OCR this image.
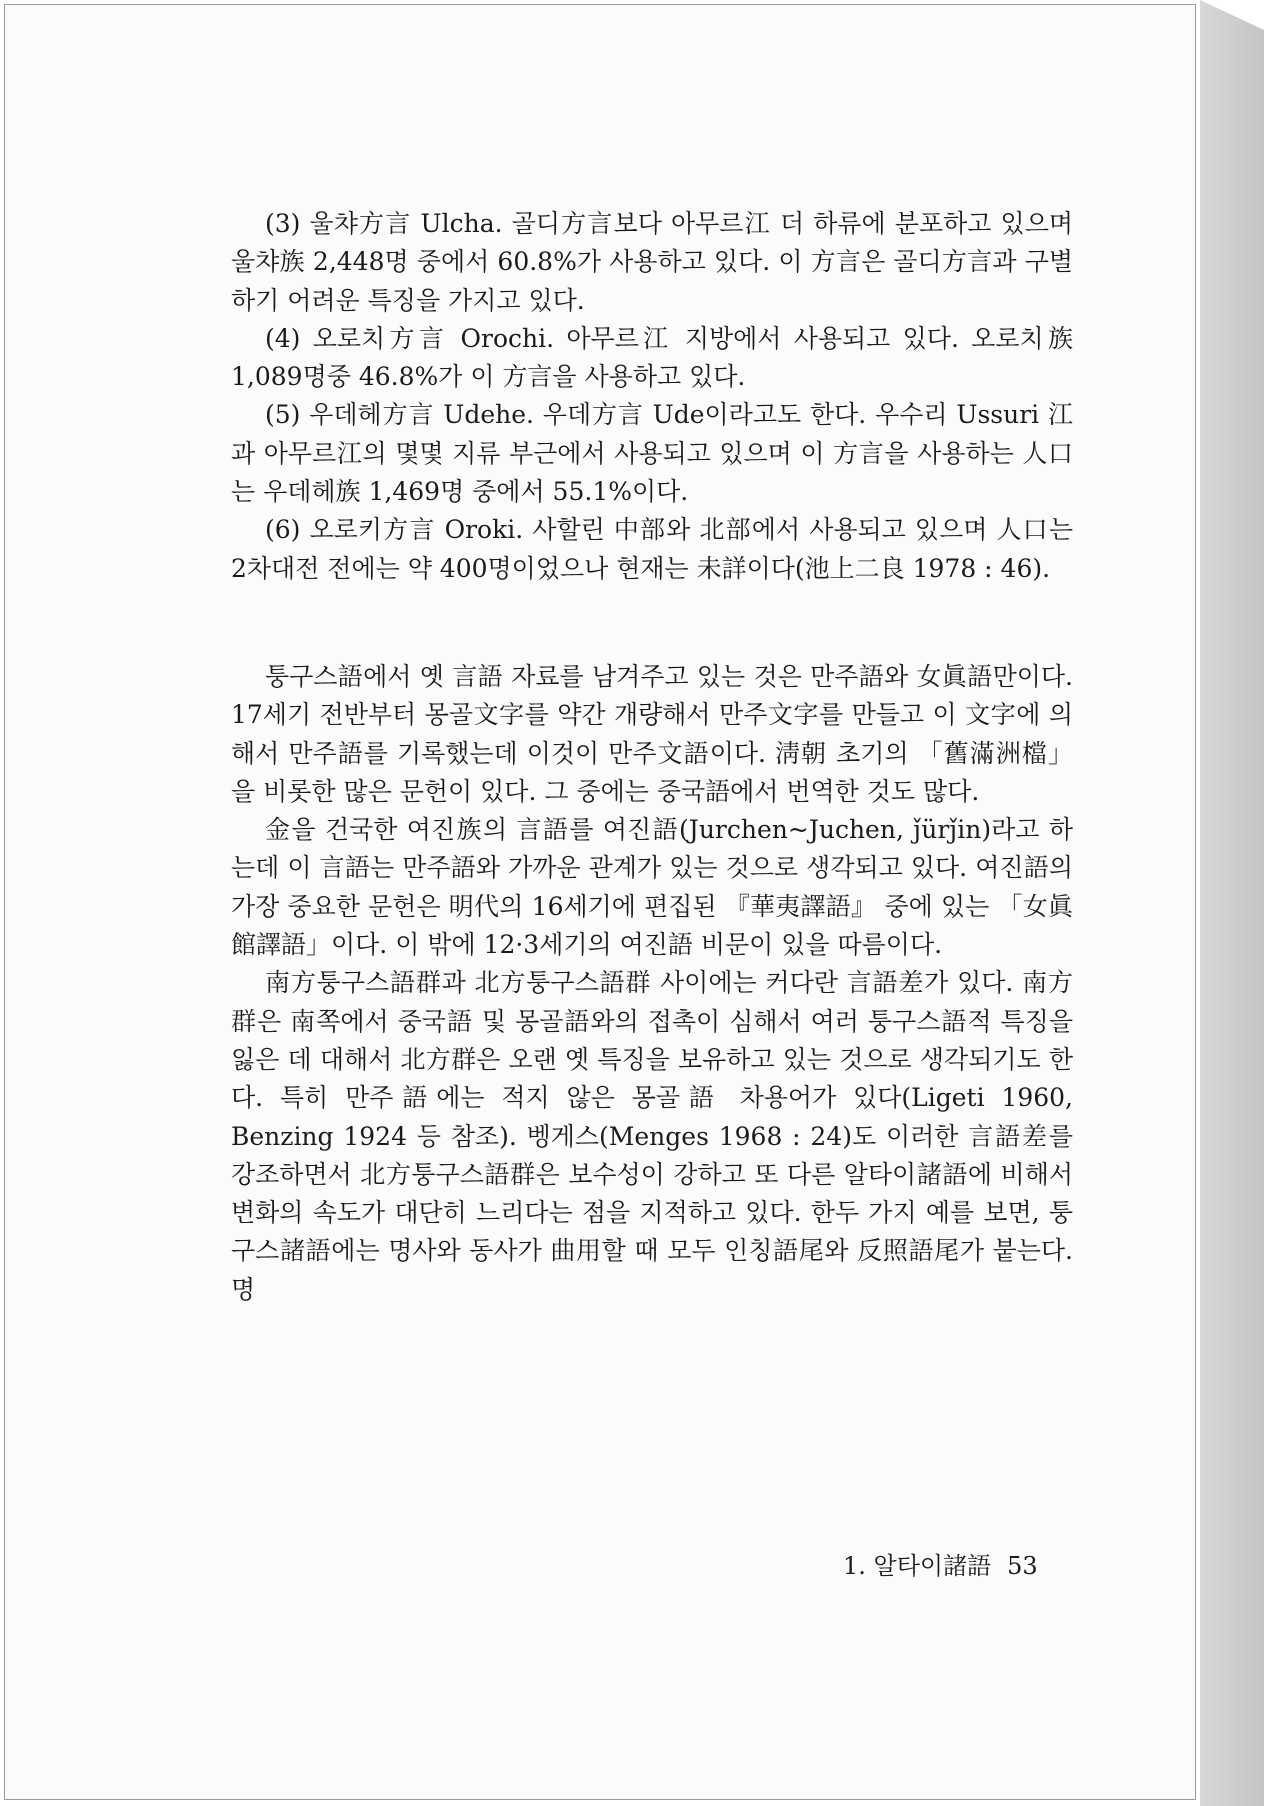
(3) 울챠方言 Ulcha. 골디方言보다 아무르江 더 하류에 분포하고 있으며 울챠族 2,448명 중에서 60.8%가 사용하고 있다. 이 方言은 골디方言과 구별하기 어려운 특징을 가지고 있다.

(4) 오로치方言 Orochi. 아무르江 지방에서 사용되고 있다. 오로치族 1,089명중 46.8%가 이 方言을 사용하고 있다.

(5) 우데헤方言 Udehe. 우데方言 Ude이라고도 한다. 우수리 Ussuri 江과 아무르江의 몇몇 지류 부근에서 사용되고 있으며 이 方言을 사용하는 人口는 우데헤族 1,469명 중에서 55.1%이다.

(6) 오로키方言 Oroki. 사할린 中部와 北部에서 사용되고 있으며 人口는 2차대전 전에는 약 400명이었으나 현재는 未詳이다(池上二良 1978 : 46).

퉁구스語에서 옛 言語 자료를 남겨주고 있는 것은 만주語와 女眞語만이다. 17세기 전반부터 몽골文字를 약간 개량해서 만주文字를 만들고 이 文字에 의해서 만주語를 기록했는데 이것이 만주文語이다. 淸朝 초기의 「舊滿洲檔」을 비롯한 많은 문헌이 있다. 그 중에는 중국語에서 번역한 것도 많다.

金을 건국한 여진族의 言語를 여진語(Jurchen~Juchen, ǰürǰin)라고 하는데 이 言語는 만주語와 가까운 관계가 있는 것으로 생각되고 있다. 여진語의 가장 중요한 문헌은 明代의 16세기에 편집된 『華夷譯語』 중에 있는 「女眞館譯語」이다. 이 밖에 12·3세기의 여진語 비문이 있을 따름이다.

南方퉁구스語群과 北方퉁구스語群 사이에는 커다란 言語差가 있다. 南方群은 南쪽에서 중국語 및 몽골語와의 접촉이 심해서 여러 퉁구스語적 특징을 잃은 데 대해서 北方群은 오랜 옛 특징을 보유하고 있는 것으로 생각되기도 한다. 특히 만주語에는 적지 않은 몽골語 차용어가 있다(Ligeti 1960, Benzing 1924 등 참조). 벵게스(Menges 1968 : 24)도 이러한 言語差를 강조하면서 北方퉁구스語群은 보수성이 강하고 또 다른 알타이諸語에 비해서 변화의 속도가 대단히 느리다는 점을 지적하고 있다. 한두 가지 예를 보면, 퉁구스諸語에는 명사와 동사가 曲用할 때 모두 인칭語尾와 反照語尾가 붙는다. 명

1. 알타이諸語 53
